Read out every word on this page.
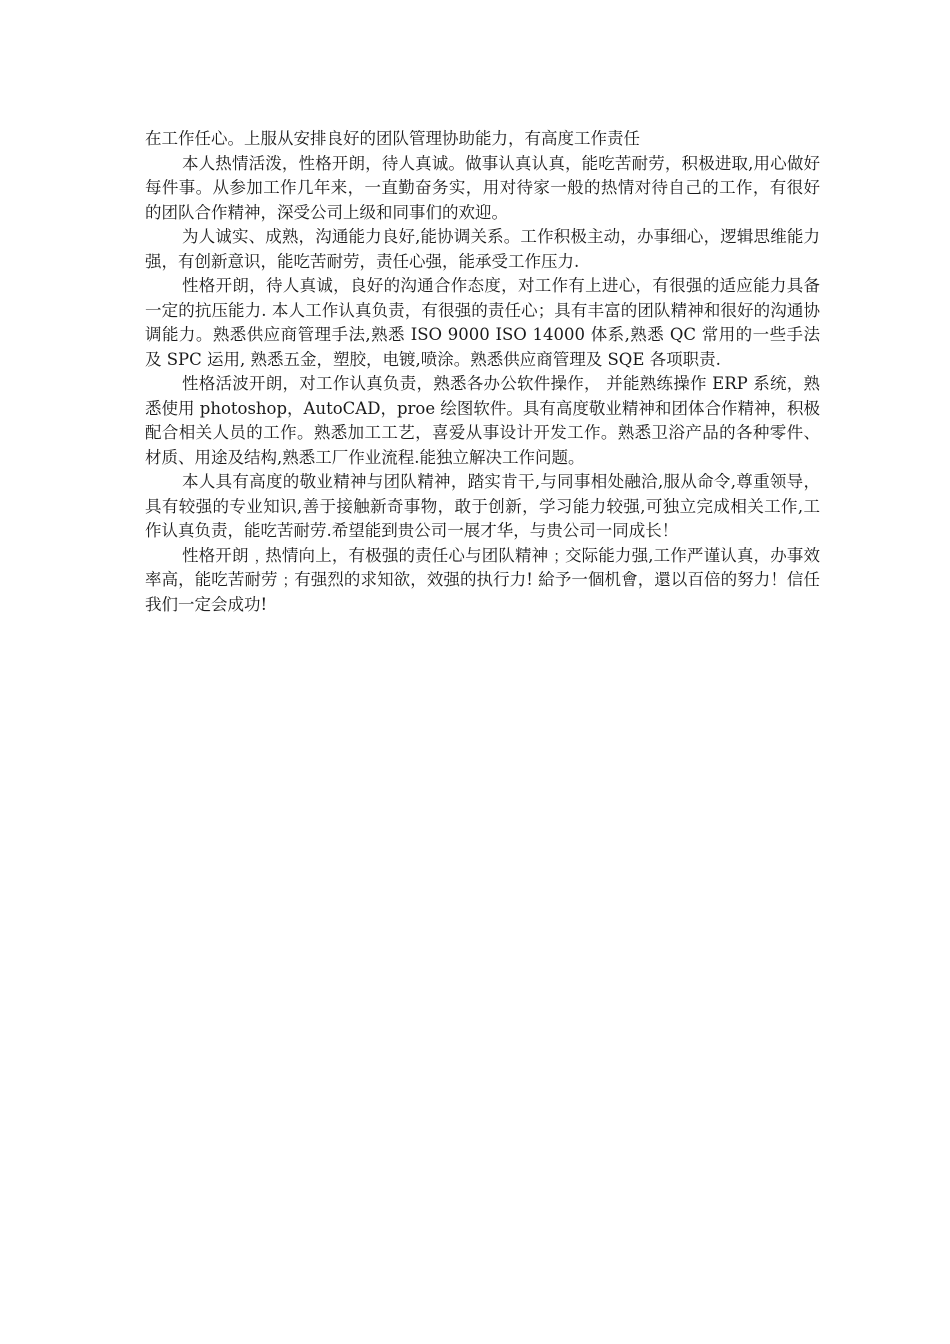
在工作任心。上服从安排良好的团队管理协助能力，有高度工作责任

本人热情活泼，性格开朗，待人真诚。做事认真认真，能吃苦耐劳，积极进取,用心做好每件事。从参加工作几年来，一直勤奋务实，用对待家一般的热情对待自己的工作，有很好的团队合作精神，深受公司上级和同事们的欢迎。

为人诚实、成熟，沟通能力良好,能协调关系。工作积极主动，办事细心，逻辑思维能力强，有创新意识，能吃苦耐劳，责任心强，能承受工作压力.

性格开朗，待人真诚，良好的沟通合作态度，对工作有上进心，有很强的适应能力具备一定的抗压能力. 本人工作认真负责，有很强的责任心；具有丰富的团队精神和很好的沟通协调能力。熟悉供应商管理手法,熟悉 ISO 9000 ISO 14000 体系,熟悉 QC 常用的一些手法及 SPC 运用, 熟悉五金，塑胶，电镀,喷涂。熟悉供应商管理及 SQE 各项职责.

性格活波开朗，对工作认真负责，熟悉各办公软件操作， 并能熟练操作 ERP 系统，熟悉使用 photoshop，AutoCAD，proe 绘图软件。具有高度敬业精神和团体合作精神，积极配合相关人员的工作。熟悉加工工艺，喜爱从事设计开发工作。熟悉卫浴产品的各种零件、材质、用途及结构,熟悉工厂作业流程.能独立解决工作问题。

本人具有高度的敬业精神与团队精神，踏实肯干,与同事相处融洽,服从命令,尊重领导，具有较强的专业知识,善于接触新奇事物，敢于创新，学习能力较强,可独立完成相关工作,工作认真负责，能吃苦耐劳.希望能到贵公司一展才华，与贵公司一同成长！

性格开朗﹐热情向上，有极强的责任心与团队精神﹔交际能力强,工作严谨认真，办事效率高，能吃苦耐劳﹔有强烈的求知欲，效强的执行力! 給予一個机會，還以百倍的努力！信任我们一定会成功!
